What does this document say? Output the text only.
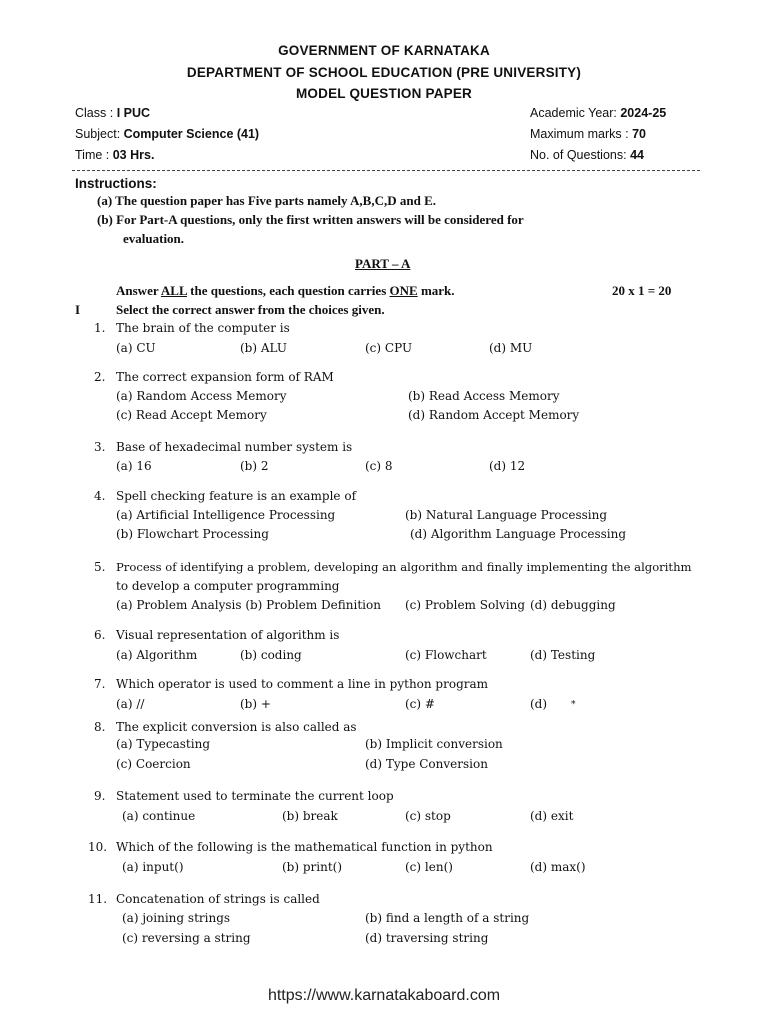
GOVERNMENT OF KARNATAKA
DEPARTMENT OF SCHOOL EDUCATION (PRE UNIVERSITY)
MODEL QUESTION PAPER
Class : I PUC
Subject: Computer Science (41)
Time : 03 Hrs.
Academic Year: 2024-25
Maximum marks : 70
No. of Questions: 44
Instructions:
(a) The question paper has Five parts namely A,B,C,D and E.
(b) For Part-A questions, only the first written answers will be considered for
evaluation.
PART – A
Answer ALL the questions, each question carries ONE mark.	20 x 1 = 20
I	Select the correct answer from the choices given.
1. The brain of the computer is
(a) CU	(b) ALU	(c) CPU	(d) MU
2. The correct expansion form of RAM
(a) Random Access Memory	(b) Read Access Memory
(c) Read Accept Memory	(d) Random Accept Memory
3. Base of hexadecimal number system is
(a) 16	(b) 2	(c) 8	(d) 12
4. Spell checking feature is an example of
(a) Artificial Intelligence Processing	(b) Natural Language Processing
(b) Flowchart Processing	(d) Algorithm Language Processing
5. Process of identifying a problem, developing an algorithm and finally implementing the algorithm
to develop a computer programming
(a) Problem Analysis (b) Problem Definition (c) Problem Solving (d) debugging
6. Visual representation of algorithm is
(a) Algorithm	(b) coding	(c) Flowchart	(d) Testing
7. Which operator is used to comment a line in python program
(a) //	(b) +	(c) #	(d)	*
8. The explicit conversion is also called as
(a) Typecasting	(b) Implicit conversion
(c) Coercion	(d) Type Conversion
9. Statement used to terminate the current loop
(a) continue	(b) break	(c) stop	(d) exit
10. Which of the following is the mathematical function in python
(a) input()	(b) print()	(c) len()	(d) max()
11. Concatenation of strings is called
(a) joining strings	(b) find a length of a string
(c) reversing a string	(d) traversing string
https://www.karnatakaboard.com
